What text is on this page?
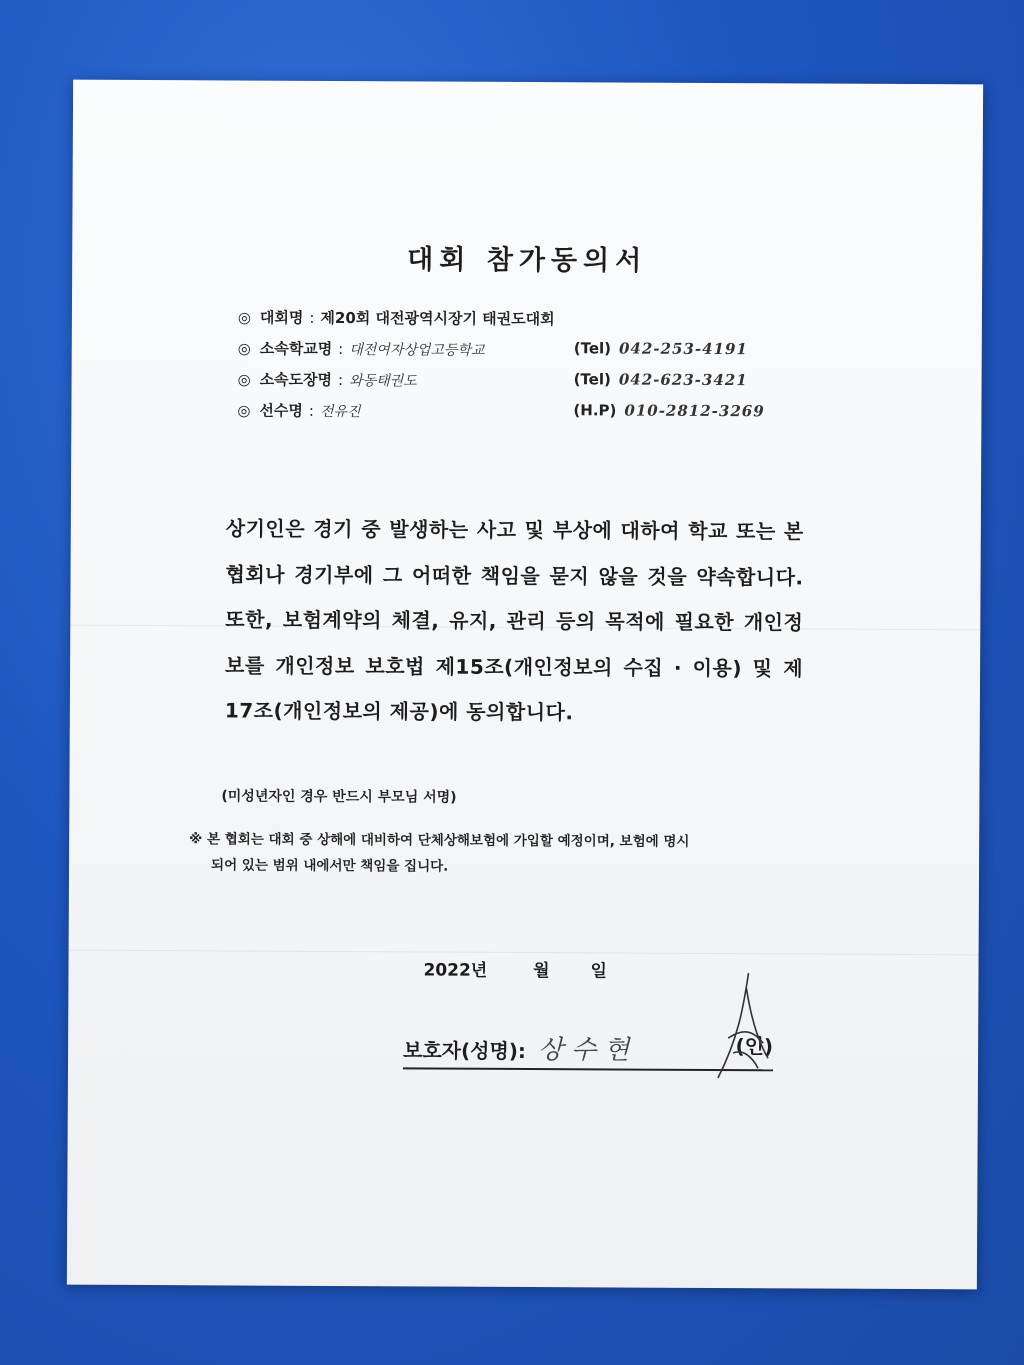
대회 참가동의서
◎ 대회명 : 제20회 대전광역시장기 태권도대회
◎ 소속학교명 : 대전여자상업고등학교	(Tel) 042-253-4191
◎ 소속도장명 : 와동태권도	(Tel) 042-623-3421
◎ 선수명 : 전유진	(H.P) 010-2812-3269
상기인은 경기 중 발생하는 사고 및 부상에 대하여 학교 또는 본 협회나 경기부에 그 어떠한 책임을 묻지 않을 것을 약속합니다. 또한, 보험계약의 체결, 유지, 관리 등의 목적에 필요한 개인정보를 개인정보 보호법 제15조(개인정보의 수집 · 이용) 및 제17조(개인정보의 제공)에 동의합니다.
(미성년자인 경우 반드시 부모님 서명)
※ 본 협회는 대회 중 상해에 대비하여 단체상해보험에 가입할 예정이며, 보험에 명시
되어 있는 범위 내에서만 책임을 집니다.
2022년	월 일
보호자(성명): 상수현	(인)
